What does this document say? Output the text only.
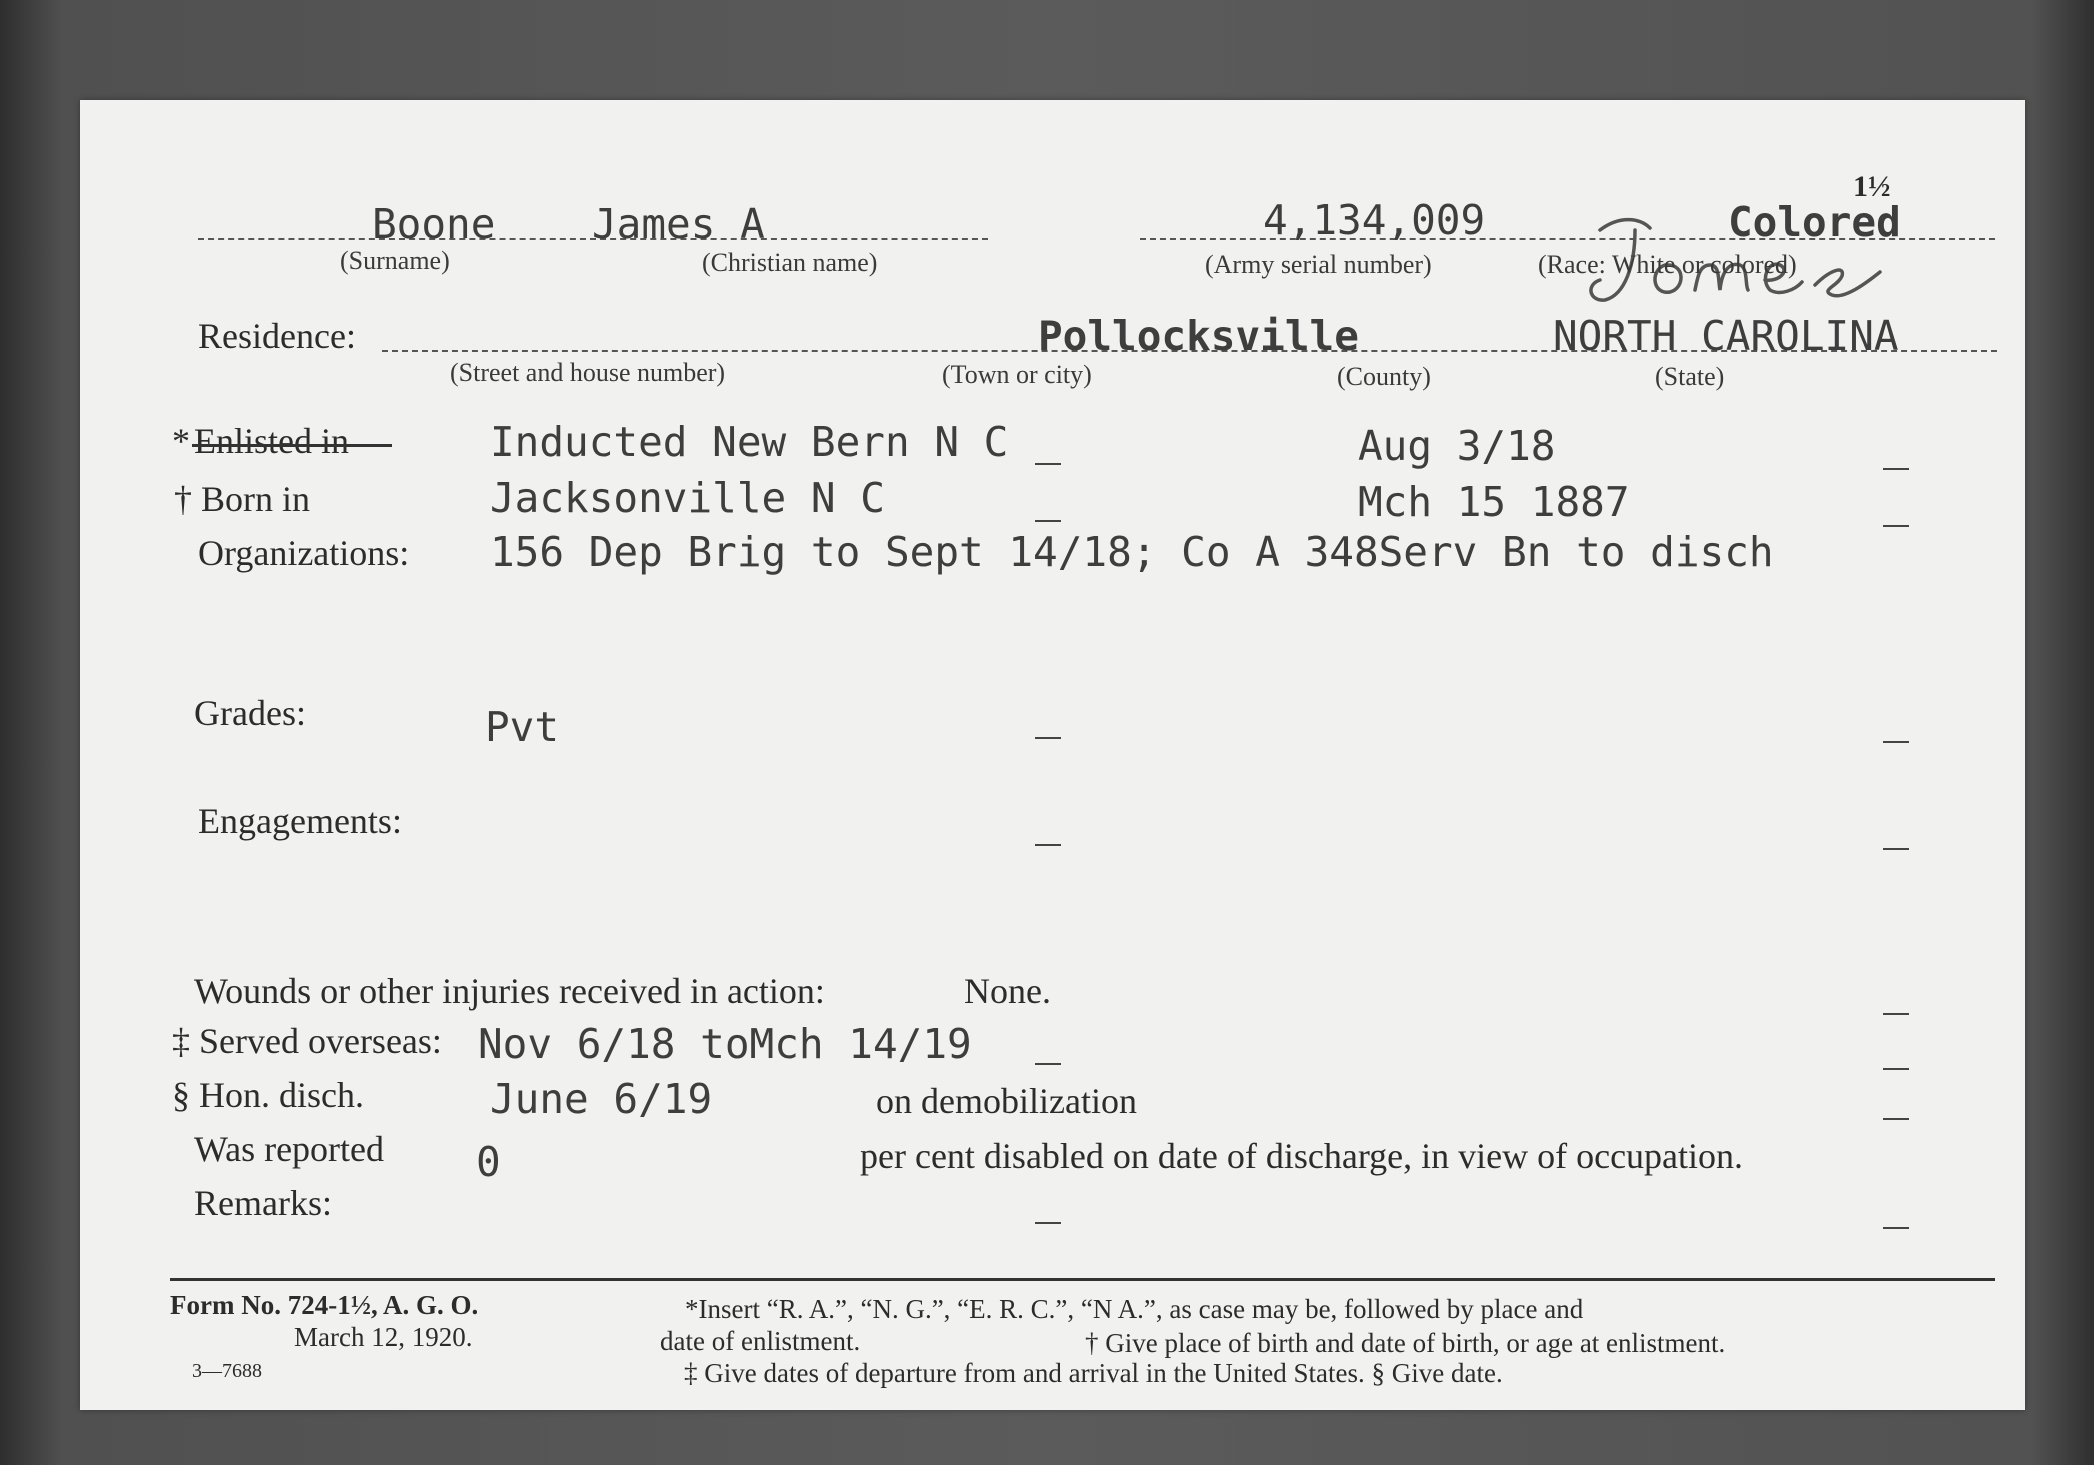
1½
Boone James A	4,134,009	Colored
(Surname)	(Christian name)	(Army serial number)	(Race: White or colored)
Residence:	Pollocksville	NORTH CAROLINA
(Street and house number)	(Town or city)	(County)	(State)
* Enlisted in	Inducted New Bern N C	Aug 3/18
† Born in	Jacksonville N C	Mch 15 1887
Organizations: 156 Dep Brig to Sept 14/18; Co A 348Serv Bn to disch
Grades:	Pvt
Engagements:
Wounds or other injuries received in action:	None.
‡ Served overseas: Nov 6/18 toMch 14/19
§ Hon. disch.	June 6/19	on demobilization
Was reported 0	per cent disabled on date of discharge, in view of occupation.
Remarks:
Form No. 724-1½, A. G. O.
March 12, 1920.
3—7688
*Insert “R. A.”, “N. G.”, “E. R. C.”, “N A.”, as case may be, followed by place and
date of enlistment.	† Give place of birth and date of birth, or age at enlistment.
‡ Give dates of departure from and arrival in the United States. § Give date.
